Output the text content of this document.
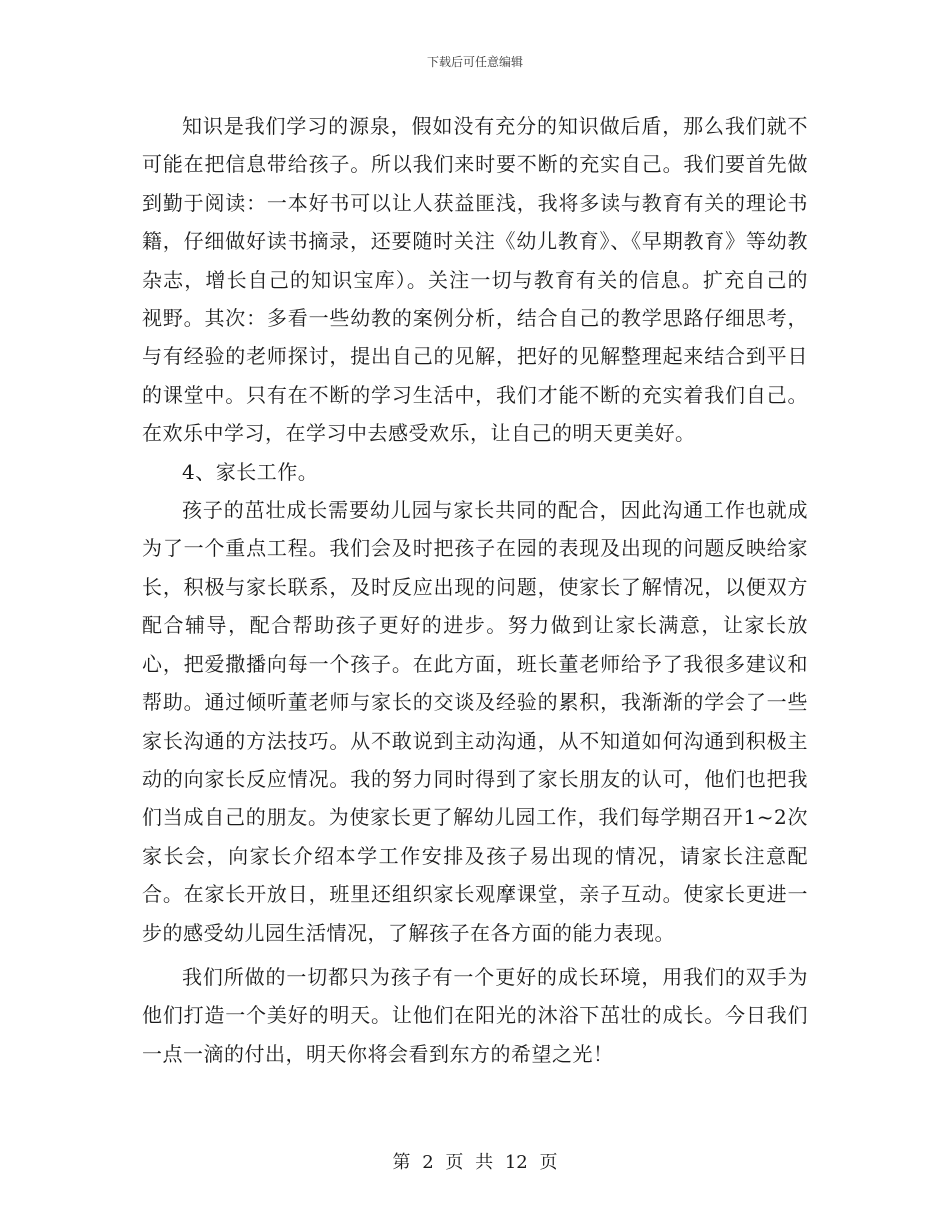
下载后可任意编辑

知识是我们学习的源泉，假如没有充分的知识做后盾，那么我们就不可能在把信息带给孩子。所以我们来时要不断的充实自己。我们要首先做到勤于阅读：一本好书可以让人获益匪浅，我将多读与教育有关的理论书籍，仔细做好读书摘录，还要随时关注《幼儿教育》、《早期教育》等幼教杂志，增长自己的知识宝库）。关注一切与教育有关的信息。扩充自己的视野。其次：多看一些幼教的案例分析，结合自己的教学思路仔细思考，与有经验的老师探讨，提出自己的见解，把好的见解整理起来结合到平日的课堂中。只有在不断的学习生活中，我们才能不断的充实着我们自己。在欢乐中学习，在学习中去感受欢乐，让自己的明天更美好。

4、家长工作。

孩子的茁壮成长需要幼儿园与家长共同的配合，因此沟通工作也就成为了一个重点工程。我们会及时把孩子在园的表现及出现的问题反映给家长，积极与家长联系，及时反应出现的问题，使家长了解情况，以便双方配合辅导，配合帮助孩子更好的进步。努力做到让家长满意，让家长放心，把爱撒播向每一个孩子。在此方面，班长董老师给予了我很多建议和帮助。通过倾听董老师与家长的交谈及经验的累积，我渐渐的学会了一些家长沟通的方法技巧。从不敢说到主动沟通，从不知道如何沟通到积极主动的向家长反应情况。我的努力同时得到了家长朋友的认可，他们也把我们当成自己的朋友。为使家长更了解幼儿园工作，我们每学期召开1~2次家长会，向家长介绍本学工作安排及孩子易出现的情况，请家长注意配合。在家长开放日，班里还组织家长观摩课堂，亲子互动。使家长更进一步的感受幼儿园生活情况，了解孩子在各方面的能力表现。

我们所做的一切都只为孩子有一个更好的成长环境，用我们的双手为他们打造一个美好的明天。让他们在阳光的沐浴下茁壮的成长。今日我们一点一滴的付出，明天你将会看到东方的希望之光！

第 2 页 共 12 页
